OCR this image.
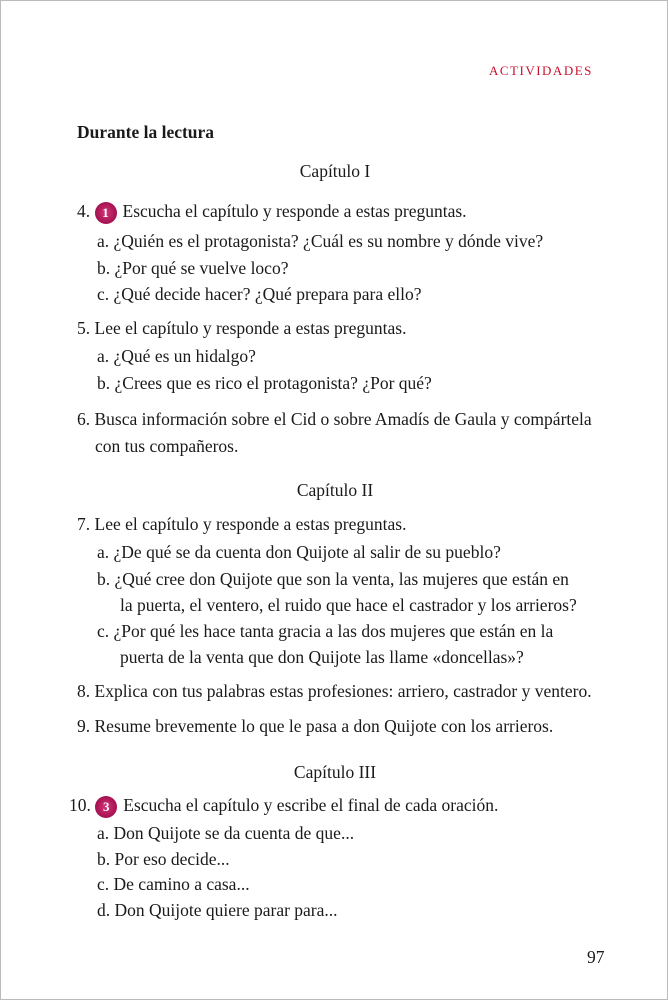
ACTIVIDADES
Durante la lectura
Capítulo I
4. 1 Escucha el capítulo y responde a estas preguntas.
a. ¿Quién es el protagonista? ¿Cuál es su nombre y dónde vive?
b. ¿Por qué se vuelve loco?
c. ¿Qué decide hacer? ¿Qué prepara para ello?
5. Lee el capítulo y responde a estas preguntas.
a. ¿Qué es un hidalgo?
b. ¿Crees que es rico el protagonista? ¿Por qué?
6. Busca información sobre el Cid o sobre Amadís de Gaula y compártela
con tus compañeros.
Capítulo II
7. Lee el capítulo y responde a estas preguntas.
a. ¿De qué se da cuenta don Quijote al salir de su pueblo?
b. ¿Qué cree don Quijote que son la venta, las mujeres que están en
la puerta, el ventero, el ruido que hace el castrador y los arrieros?
c. ¿Por qué les hace tanta gracia a las dos mujeres que están en la
puerta de la venta que don Quijote las llame «doncellas»?
8. Explica con tus palabras estas profesiones: arriero, castrador y ventero.
9. Resume brevemente lo que le pasa a don Quijote con los arrieros.
Capítulo III
10. 3 Escucha el capítulo y escribe el final de cada oración.
a. Don Quijote se da cuenta de que...
b. Por eso decide...
c. De camino a casa...
d. Don Quijote quiere parar para...
97
